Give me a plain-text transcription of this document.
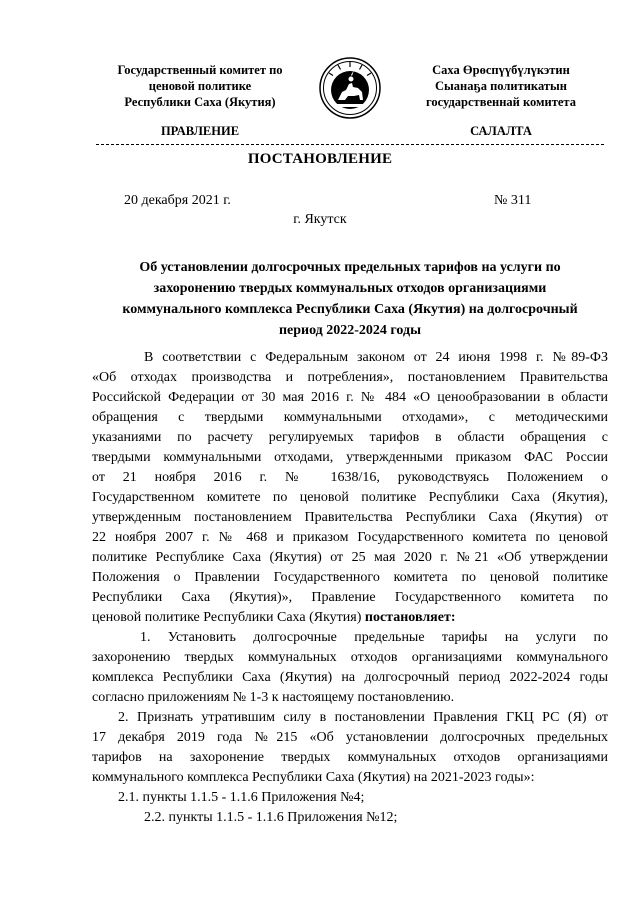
Государственный комитет по
ценовой политике
Республики Саха (Якутия)
Саха Өрөспүүбүлүкэтин
Сыанаҕа политикатын
государственнай комитета
ПРАВЛЕНИЕ	САЛАЛТА
ПОСТАНОВЛЕНИЕ
20 декабря 2021 г.	№ 311
г. Якутск
Об установлении долгосрочных предельных тарифов на услуги по
захоронению твердых коммунальных отходов организациями
коммунального комплекса Республики Саха (Якутия) на долгосрочный
период 2022-2024 годы
В соответствии с Федеральным законом от 24 июня 1998 г. №89-ФЗ
«Об отходах производства и потребления», постановлением Правительства
Российской Федерации от 30 мая 2016 г. № 484 «О ценообразовании в области
обращения с твердыми коммунальными отходами», с методическими
указаниями по расчету регулируемых тарифов в области обращения с
твердыми коммунальными отходами, утвержденными приказом ФАС России
от 21 ноября 2016 г. № 1638/16, руководствуясь Положением о
Государственном комитете по ценовой политике Республики Саха (Якутия),
утвержденным постановлением Правительства Республики Саха (Якутия) от
22 ноября 2007 г. № 468 и приказом Государственного комитета по ценовой
политике Республике Саха (Якутия) от 25 мая 2020 г. №21 «Об утверждении
Положения о Правлении Государственного комитета по ценовой политике
Республики Саха (Якутия)», Правление Государственного комитета по
ценовой политике Республики Саха (Якутия) постановляет:
1. Установить долгосрочные предельные тарифы на услуги по
захоронению твердых коммунальных отходов организациями коммунального
комплекса Республики Саха (Якутия) на долгосрочный период 2022-2024 годы
согласно приложениям № 1-3 к настоящему постановлению.
2. Признать утратившим силу в постановлении Правления ГКЦ РС (Я) от
17 декабря 2019 года №215 «Об установлении долгосрочных предельных
тарифов на захоронение твердых коммунальных отходов организациями
коммунального комплекса Республики Саха (Якутия) на 2021-2023 годы»:
2.1. пункты 1.1.5 - 1.1.6 Приложения №4;
2.2. пункты 1.1.5 - 1.1.6 Приложения №12;
